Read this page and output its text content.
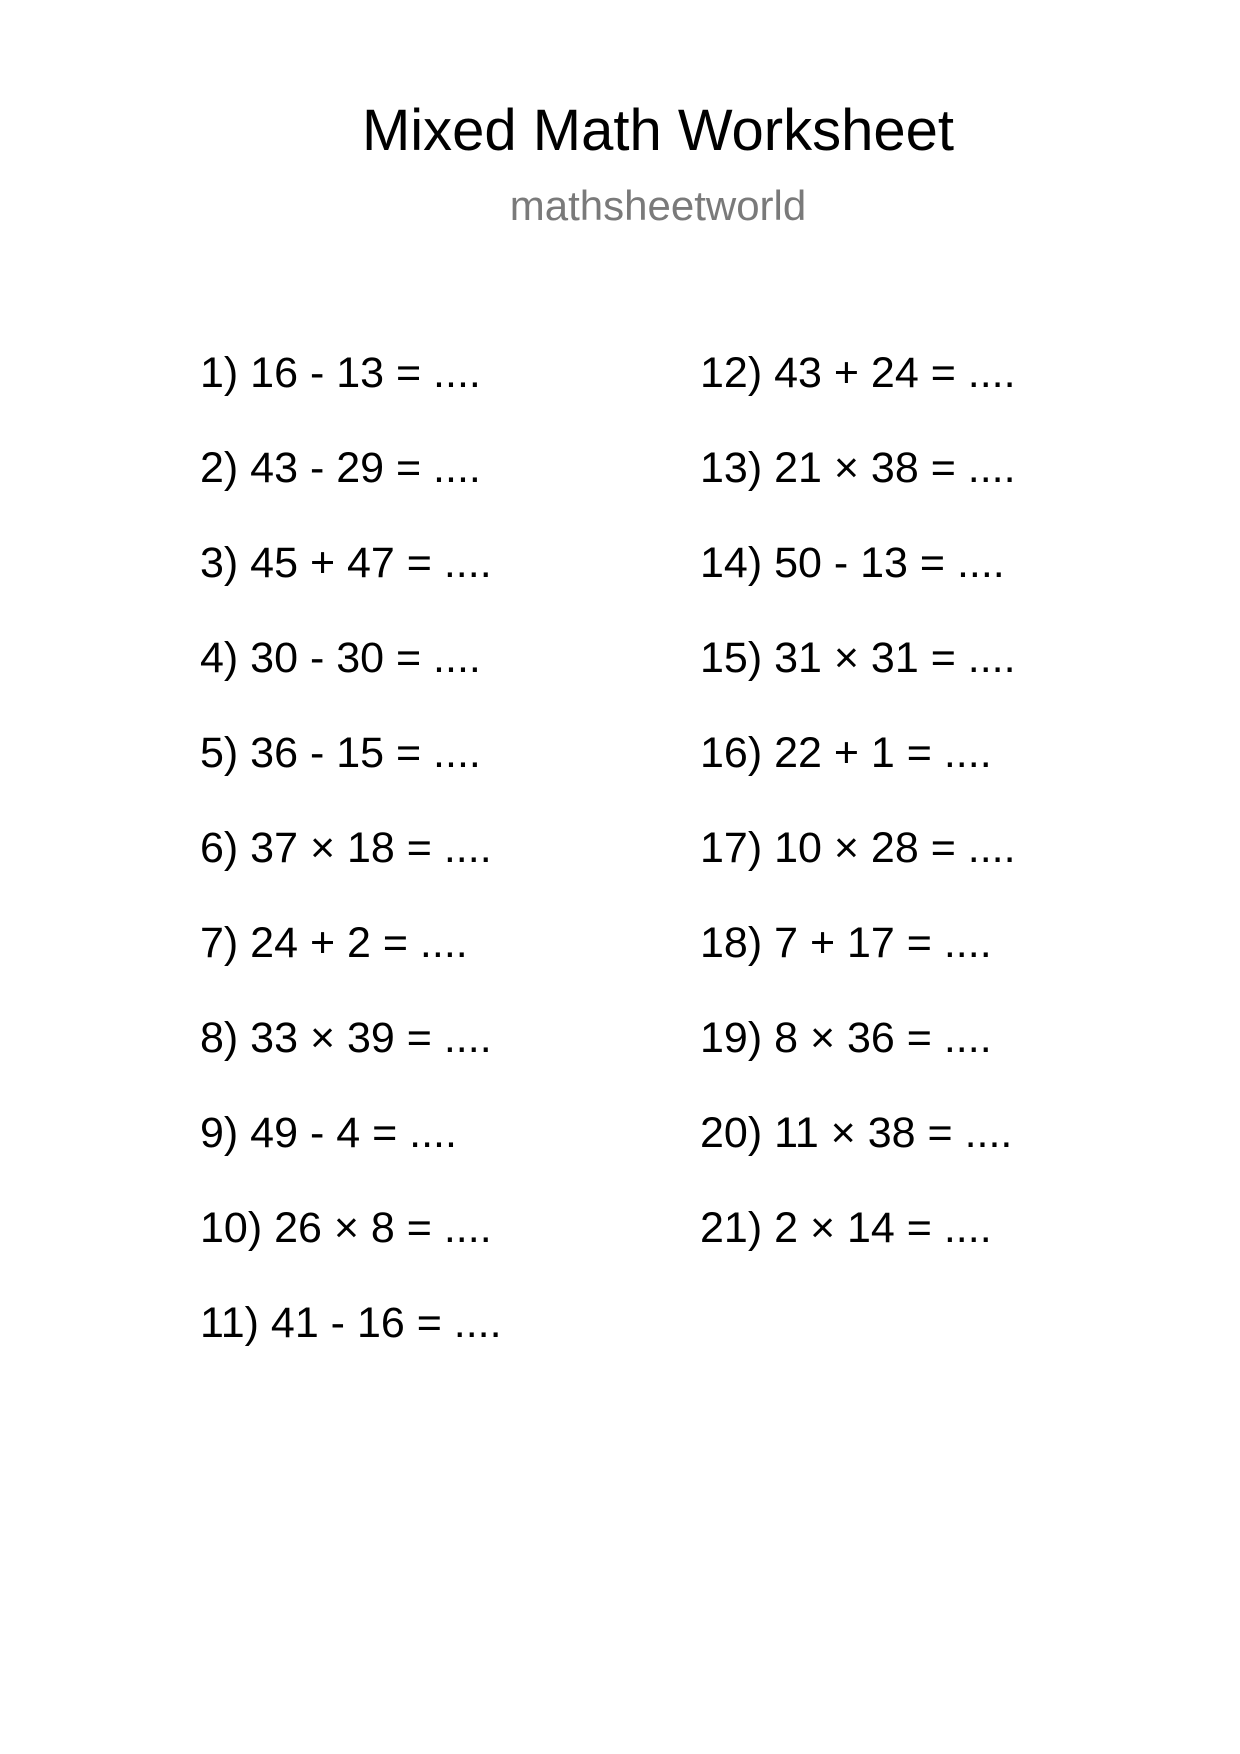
Mixed Math Worksheet
mathsheetworld
1) 16 - 13 = ....
2) 43 - 29 = ....
3) 45 + 47 = ....
4) 30 - 30 = ....
5) 36 - 15 = ....
6) 37 × 18 = ....
7) 24 + 2 = ....
8) 33 × 39 = ....
9) 49 - 4 = ....
10) 26 × 8 = ....
11) 41 - 16 = ....
12) 43 + 24 = ....
13) 21 × 38 = ....
14) 50 - 13 = ....
15) 31 × 31 = ....
16) 22 + 1 = ....
17) 10 × 28 = ....
18) 7 + 17 = ....
19) 8 × 36 = ....
20) 11 × 38 = ....
21) 2 × 14 = ....
